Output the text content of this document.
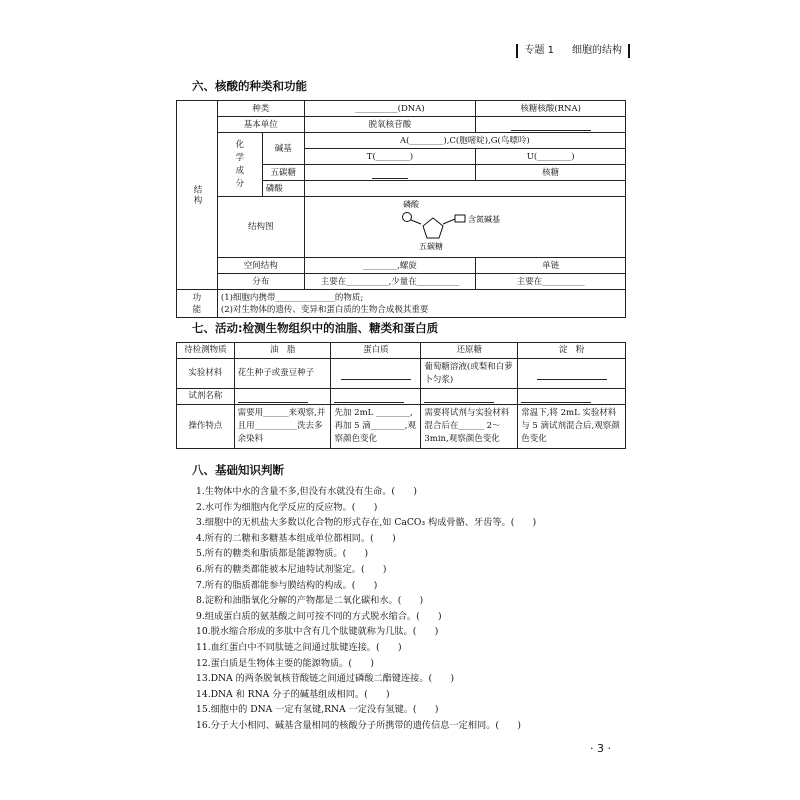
专题 1　 细胞的结构
六、核酸的种类和功能
结构	种类		__________(DNA)	核糖核酸(RNA)
	基本单位		脱氧核苷酸	

	化学成分	碱基	A(________),C(胞嘧啶),G(鸟嘌呤)	
			T(________)	U(________)
		五碳糖		核糖
		磷酸		
	结构图		磷酸
含氮碱基
五碳糖	

	空间结构		________,螺旋	单链
	分布		主要在__________,少量在__________	主要在__________

功能	(1)细胞内携带______________的物质;
(2)对生物体的遗传、变异和蛋白质的生物合成极其重要			
七、活动:检测生物组织中的油脂、糖类和蛋白质
待检测物质	油　脂	蛋白质	还原糖	淀　粉
实验材料	花生种子或蚕豆种子		葡萄糖溶液(或梨和白萝卜匀浆)	
试剂名称				
操作特点	需要用______来观察,并且用__________洗去多余染料	先加 2mL ________,再加 5 滴________,观察颜色变化	需要将试剂与实验材料混合后在______ 2～3min,观察颜色变化	常温下,将 2mL 实验材料与 5 滴试剂混合后,观察颜色变化
八、基础知识判断
1.生物体中水的含量不多,但没有水就没有生命。(　　)
2.水可作为细胞内化学反应的反应物。(　　)
3.细胞中的无机盐大多数以化合物的形式存在,如 CaCO₃ 构成骨骼、牙齿等。(　　)
4.所有的二糖和多糖基本组成单位都相同。(　　)
5.所有的糖类和脂质都是能源物质。(　　)
6.所有的糖类都能被本尼迪特试剂鉴定。(　　)
7.所有的脂质都能参与膜结构的构成。(　　)
8.淀粉和油脂氧化分解的产物都是二氧化碳和水。(　　)
9.组成蛋白质的氨基酸之间可按不同的方式脱水缩合。(　　)
10.脱水缩合形成的多肽中含有几个肽键就称为几肽。(　　)
11.血红蛋白中不同肽链之间通过肽键连接。(　　)
12.蛋白质是生物体主要的能源物质。(　　)
13.DNA 的两条脱氧核苷酸链之间通过磷酸二酯键连接。(　　)
14.DNA 和 RNA 分子的碱基组成相同。(　　)
15.细胞中的 DNA 一定有氢键,RNA 一定没有氢键。(　　)
16.分子大小相同、碱基含量相同的核酸分子所携带的遗传信息一定相同。(　　)
· 3 ·
